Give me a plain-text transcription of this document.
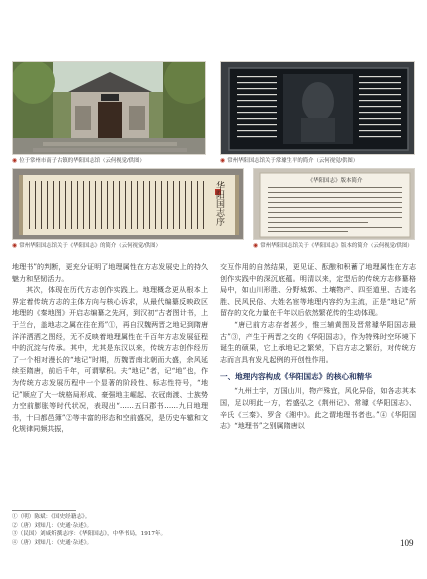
◉ 位于常州市南子古镇的华阳国志馆（云何视觉/供图）	◉ 常州华阳国志馆关于常璩生平的简介（云何视觉/供图）
华阳国志序
◉ 常州华阳国志馆关于《华阳国志》的简介（云何视觉/供图）
《华阳国志》版本简介
◉ 常州华阳国志馆关于《华阳国志》版本的简介（云何视觉/供图）

地理书”的判断，更充分证明了地理属性在方志发展史上的持久魅力和坚韧活力。

其次，体现在历代方志创作实践上。地理概念更从根本上界定着传统方志的主体方向与核心诉求，从最代编纂反映政区地理的《秦地图》开启志编纂之先河，到汉初“古者图计书，上于兰台，盖地志之属在往在焉”①，再自汉魏两晋之地记到隋唐洋洋洒洒之图经，无不反映着地理属性在千百年方志发展征程中的沉淀与传承。其中，尤其是东汉以来，传统方志创作经历了一个相对漫长的“地记”时期，历魏晋南北朝而大盛，余风延续至隋唐，前后千年，可谓擘积。夫“地记”者，记“地”也，作为传统方志发展历程中一个显著的阶段性、标志性符号，“地记”顺应了大一统格局形成、豪强地主崛起、衣冠南渡、士族势力空前膨胀等时代状况，表现出“……五曰郡书……九曰地理书，十曰都邑簿”②等丰富的形态和空前盛况，是历史车辙和文化规律同频共振，

交互作用的自然结果，更见证、酝酿和积蓄了地理属性在方志创作实践中的深沉底蕴。明清以来，定型后的传统方志修纂格局中，如山川形胜、分野城郭、土壤物产、四至道里、古迹名胜、民风民俗、大姓名宦等地理内容约为主流，正是“地记”所留存的文化力量在千年以后依然繁花传的生动体现。

“唐已前方志存者甚少，惟三辅黄图及晋常璩华阳国志最古”③，产生于两晋之交的《华阳国志》，作为特殊时空环境下诞生的硕果，它上承地记之繁荣，下启方志之繁衍，对传统方志而言具有发凡起例的开创性作用。

一、地理内容构成《华阳国志》的核心和精华

“九州土宇，万国山川，物产殊宜，风化异俗，如各志其本国，足以明此一方，若盛弘之《荆州记》、常璩《华阳国志》、辛氏《三秦》、罗含《湘中》。此之谓地理书者也。”④《华阳国志》“地理书”之别属隋唐以

①（明）陈斌：《国史经籍志》。
②（唐）刘知几：《史通·杂述》。
③（民国）刘咸炘撰志序：《华阳国志》，中华书局，1917年。
④（唐）刘知几：《史通·杂述》。	109
